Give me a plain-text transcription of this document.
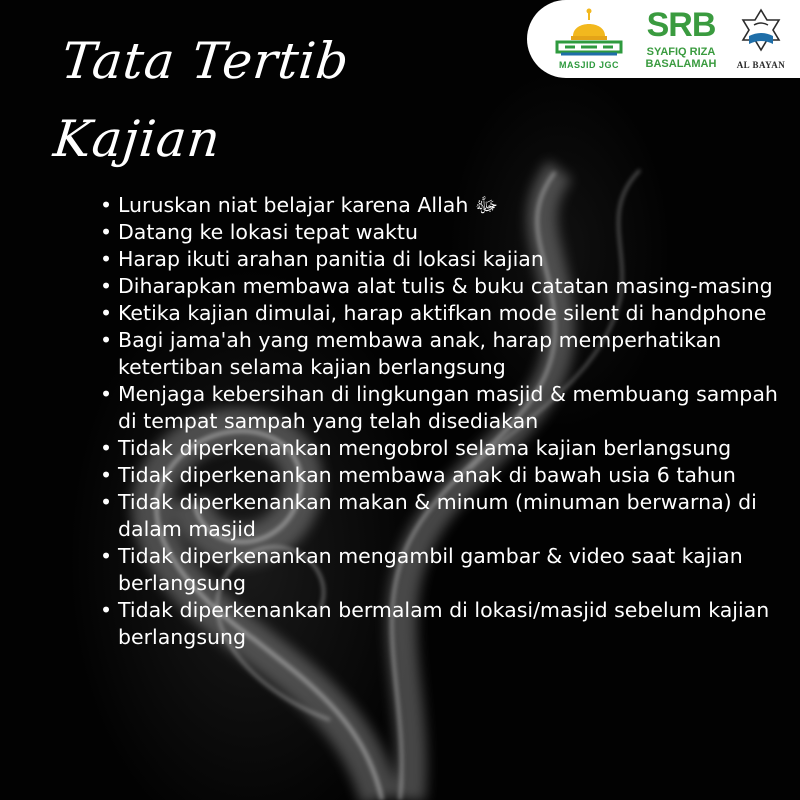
Tata Tertib
Kajian
MASJID JGC
SRB
SYAFIQ RIZA
BASALAMAH	AL BAYAN
• Luruskan niat belajar karena Allah ﷻ
• Datang ke lokasi tepat waktu
• Harap ikuti arahan panitia di lokasi kajian
• Diharapkan membawa alat tulis & buku catatan masing-masing
• Ketika kajian dimulai, harap aktifkan mode silent di handphone
• Bagi jama'ah yang membawa anak, harap memperhatikan ketertiban selama kajian berlangsung
• Menjaga kebersihan di lingkungan masjid & membuang sampah di tempat sampah yang telah disediakan
• Tidak diperkenankan mengobrol selama kajian berlangsung
• Tidak diperkenankan membawa anak di bawah usia 6 tahun
• Tidak diperkenankan makan & minum (minuman berwarna) di dalam masjid
• Tidak diperkenankan mengambil gambar & video saat kajian berlangsung
• Tidak diperkenankan bermalam di lokasi/masjid sebelum kajian berlangsung
